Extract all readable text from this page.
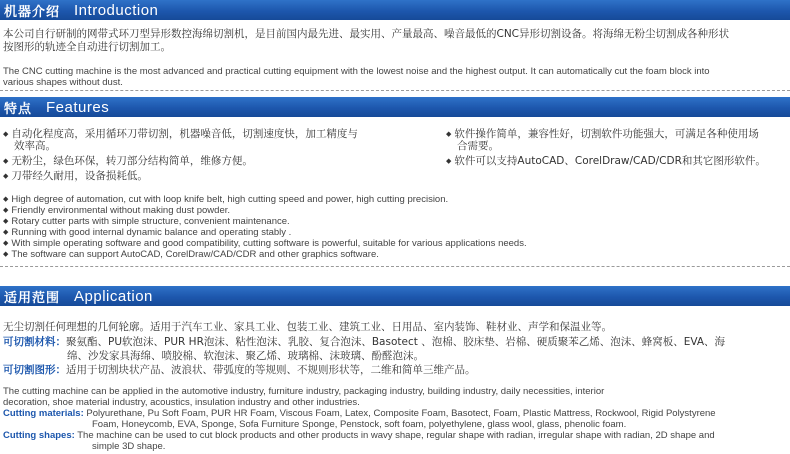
机器介绍 Introduction
本公司自行研制的网带式环刀型异形数控海绵切割机，是目前国内最先进、最实用、产量最高、噪音最低的CNC异形切割设备。将海绵无粉尘切割成各种形状
按图形的轨迹全自动进行切割加工。
The CNC cutting machine is the most advanced and practical cutting equipment with the lowest noise and the highest output. It can automatically cut the foam block into
various shapes without dust.
特点 Features
◆ 自动化程度高，采用循环刀带切割，机器噪音低，切割速度快，加工精度与
效率高。
◆ 无粉尘，绿色环保，转刀部分结构简单，维修方便。
◆ 刀带经久耐用，设备损耗低。
◆ 软件操作简单，兼容性好，切割软件功能强大，可满足各种使用场
合需要。
◆ 软件可以支持AutoCAD、CorelDraw/CAD/CDR和其它图形软件。
◆ High degree of automation, cut with loop knife belt, high cutting speed and power, high cutting precision.
◆ Friendly environmental without making dust powder.
◆ Rotary cutter parts with simple structure, convenient maintenance.
◆ Running with good internal dynamic balance and operating stably .
◆ With simple operating software and good compatibility, cutting software is powerful, suitable for various applications needs.
◆ The software can support AutoCAD, CorelDraw/CAD/CDR and other graphics software.
适用范围 Application
无尘切割任何理想的几何轮廓。适用于汽车工业、家具工业、包装工业、建筑工业、日用品、室内装饰、鞋材业、声学和保温业等。
可切割材料：聚氨酯、PU软泡沫、PUR HR泡沫、粘性泡沫、乳胶、复合泡沫、Basotect 、泡棉、胶床垫、岩棉、硬质聚苯乙烯、泡沫、蜂窝板、EVA、海
绵、沙发家具海绵、喷胶棉、软泡沫、聚乙烯、玻璃棉、沫玻璃、酚醛泡沫。
可切割图形：适用于切割块状产品、波浪状、带弧度的等规则、不规则形状等，二维和简单三维产品。
The cutting machine can be applied in the automotive industry, furniture industry, packaging industry, building industry, daily necessities, interior
decoration, shoe material industry, acoustics, insulation industry and other industries.
Cutting materials: Polyurethane, Pu Soft Foam, PUR HR Foam, Viscous Foam, Latex, Composite Foam, Basotect, Foam, Plastic Mattress, Rockwool, Rigid Polystyrene
Foam, Honeycomb, EVA, Sponge, Sofa Furniture Sponge, Penstock, soft foam, polyethylene, glass wool, glass, phenolic foam.
Cutting shapes: The machine can be used to cut block products and other products in wavy shape, regular shape with radian, irregular shape with radian, 2D shape and
simple 3D shape.
